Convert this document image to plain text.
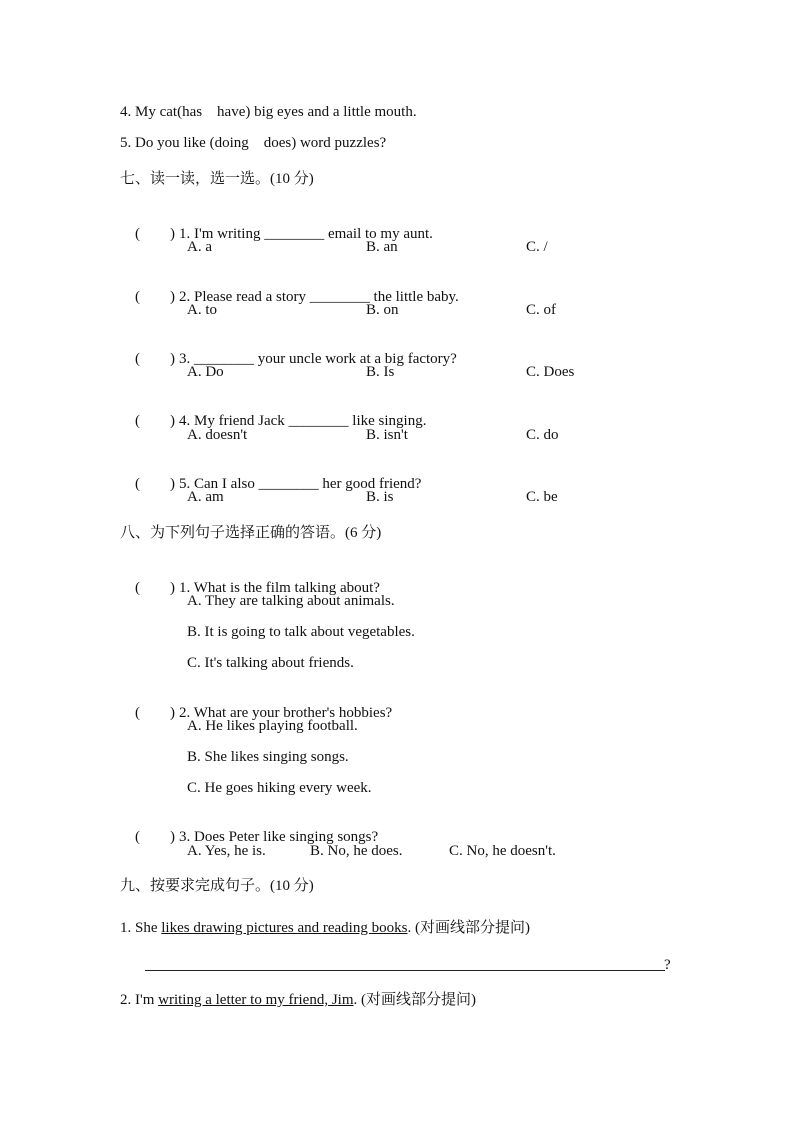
4. My cat(has    have) big eyes and a little mouth.
5. Do you like (doing    does) word puzzles?
七、读一读，选一选。(10 分)

(        ) 1. I'm writing ________ email to my aunt.

A. a	B. an	C. /

(        ) 2. Please read a story ________ the little baby.

A. to	B. on	C. of

(        ) 3. ________ your uncle work at a big factory?

A. Do	B. Is	C. Does

(        ) 4. My friend Jack ________ like singing.

A. doesn't	B. isn't	C. do

(        ) 5. Can I also ________ her good friend?

A. am	B. is	C. be
八、为下列句子选择正确的答语。(6 分)

(        ) 1. What is the film talking about?

A. They are talking about animals.
B. It is going to talk about vegetables.
C. It's talking about friends.

(        ) 2. What are your brother's hobbies?

A. He likes playing football.
B. She likes singing songs.
C. He goes hiking every week.

(        ) 3. Does Peter like singing songs?

A. Yes, he is.	B. No, he does.	C. No, he doesn't.
九、按要求完成句子。(10 分)
1. She likes drawing pictures and reading books. (对画线部分提问)
?
2. I'm writing a letter to my friend, Jim. (对画线部分提问)
